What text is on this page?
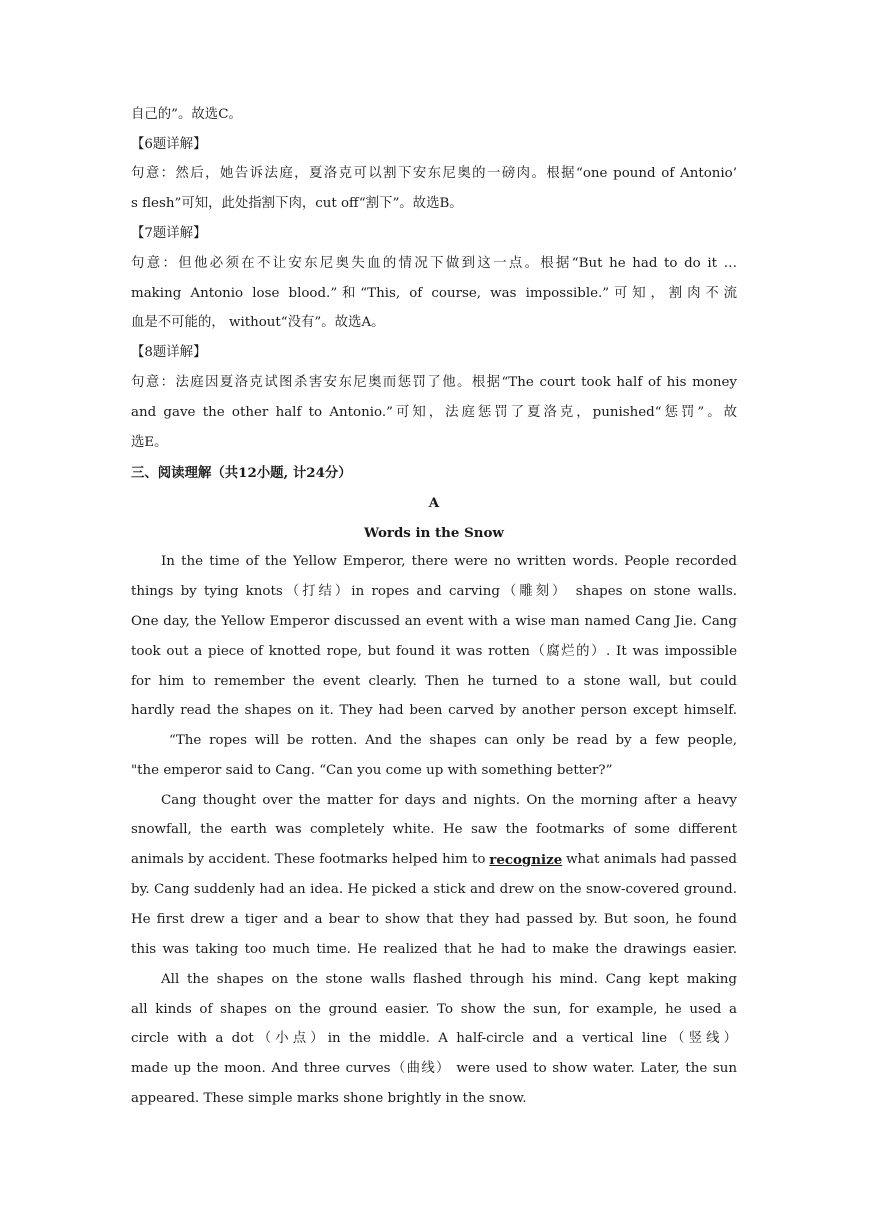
自己的”。故选C。
【6题详解】
句意：然后，她告诉法庭，夏洛克可以割下安东尼奥的一磅肉。根据“one pound of Antonio’
s flesh”可知，此处指割下肉，cut off“割下”。故选B。
【7题详解】
句意：但他必须在不让安东尼奥失血的情况下做到这一点。根据“But he had to do it …
making Antonio lose blood.”和“This, of course, was impossible.”可知，割肉不流
血是不可能的， without“没有”。故选A。
【8题详解】
句意：法庭因夏洛克试图杀害安东尼奥而惩罚了他。根据“The court took half of his money
and gave the other half to Antonio.”可知，法庭惩罚了夏洛克，punished“惩罚”。故
选E。
三、阅读理解（共12小题, 计24分）
A
Words in the Snow
In the time of the Yellow Emperor, there were no written words. People recorded
things by tying knots（打结）in ropes and carving（雕刻） shapes on stone walls.
One day, the Yellow Emperor discussed an event with a wise man named Cang Jie. Cang
took out a piece of knotted rope, but found it was rotten（腐烂的）. It was impossible
for him to remember the event clearly. Then he turned to a stone wall, but could
hardly read the shapes on it. They had been carved by another person except himself.
“The ropes will be rotten. And the shapes can only be read by a few people,
"the emperor said to Cang. “Can you come up with something better?”
Cang thought over the matter for days and nights. On the morning after a heavy
snowfall, the earth was completely white. He saw the footmarks of some different
animals by accident. These footmarks helped him to recognize what animals had passed
by. Cang suddenly had an idea. He picked a stick and drew on the snow-covered ground.
He first drew a tiger and a bear to show that they had passed by. But soon, he found
this was taking too much time. He realized that he had to make the drawings easier.
All the shapes on the stone walls flashed through his mind. Cang kept making
all kinds of shapes on the ground easier. To show the sun, for example, he used a
circle with a dot（小点）in the middle. A half-circle and a vertical line（竖线）
made up the moon. And three curves（曲线） were used to show water. Later, the sun
appeared. These simple marks shone brightly in the snow.
